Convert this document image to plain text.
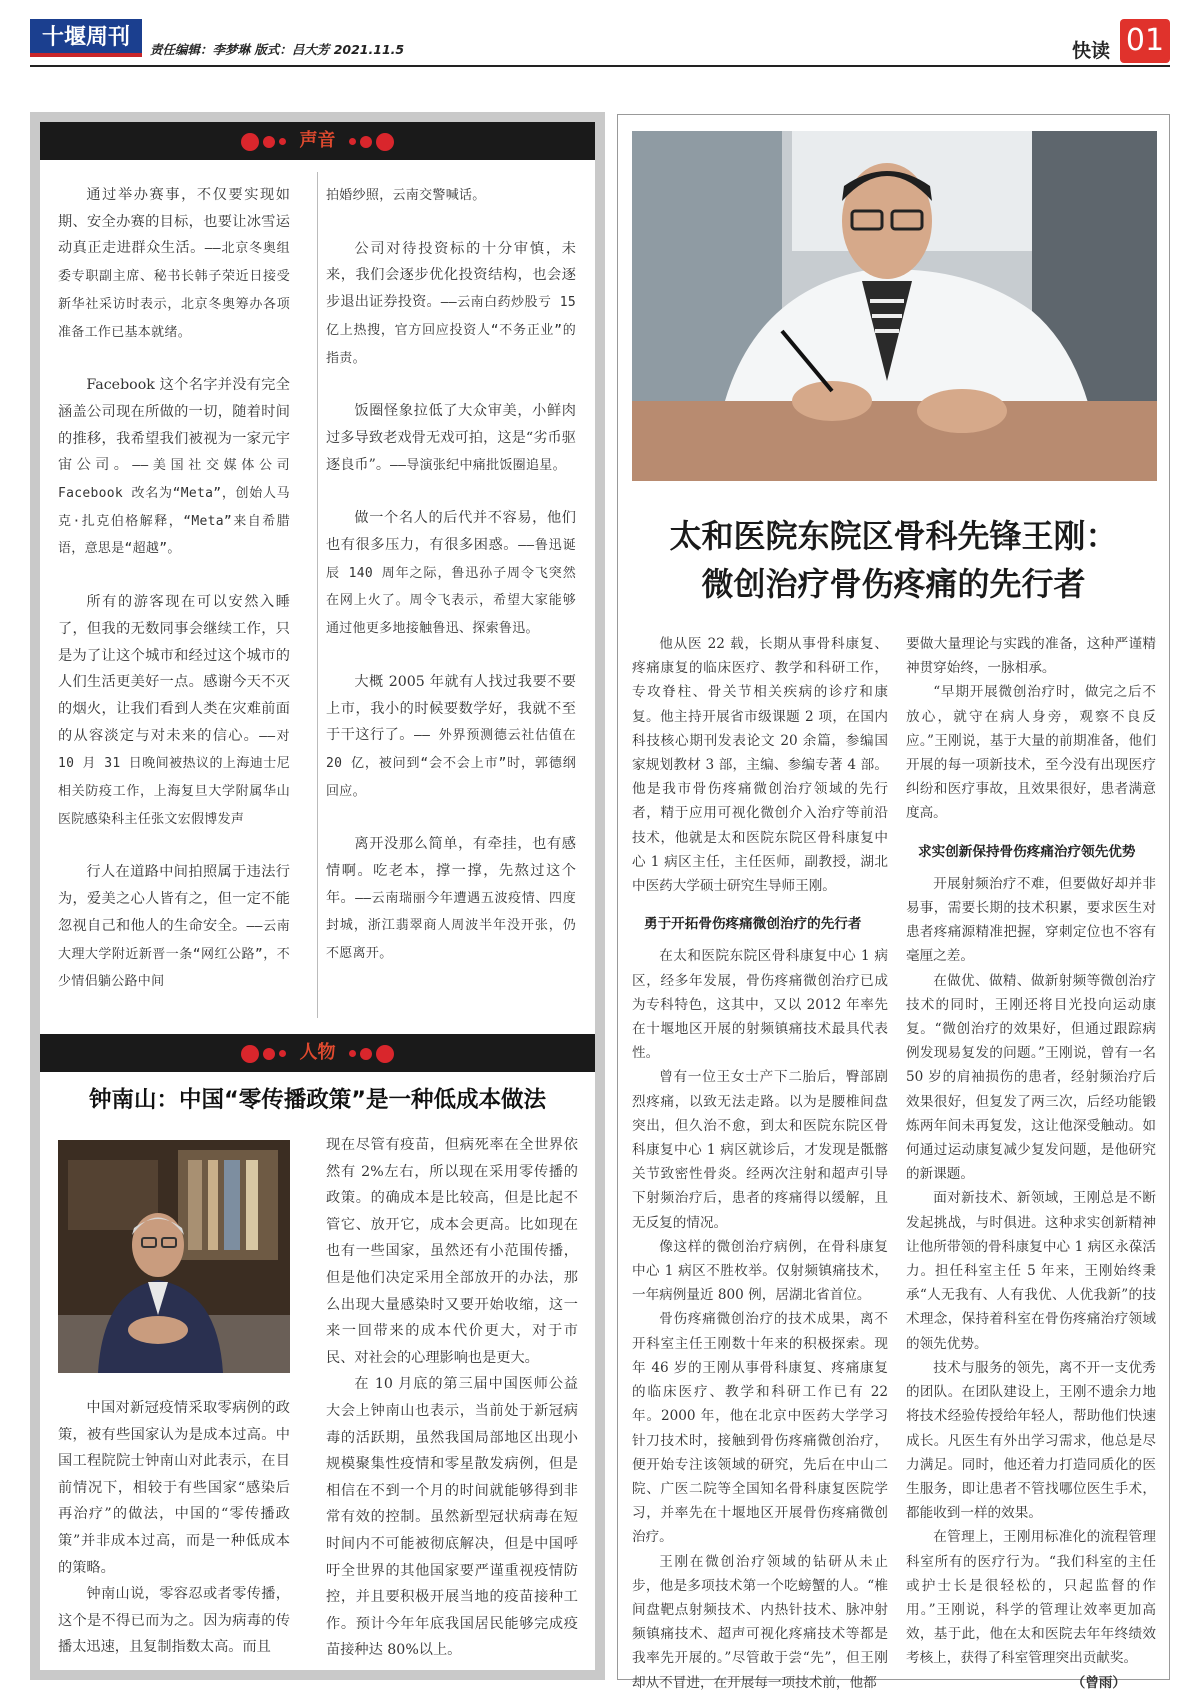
十堰周刊	责任编辑：李梦琳 版式：吕大芳 2021.11.5	快读 01
声音

通过举办赛事，不仅要实现如期、安全办赛的目标，也要让冰雪运动真正走进群众生活。——北京冬奥组委专职副主席、秘书长韩子荣近日接受新华社采访时表示，北京冬奥筹办各项准备工作已基本就绪。

Facebook 这个名字并没有完全涵盖公司现在所做的一切，随着时间的推移，我希望我们被视为一家元宇宙公司。——美国社交媒体公司 Facebook 改名为“Meta”，创始人马克·扎克伯格解释，“Meta”来自希腊语，意思是“超越”。

所有的游客现在可以安然入睡了，但我的无数同事会继续工作，只是为了让这个城市和经过这个城市的人们生活更美好一点。感谢今天不灭的烟火，让我们看到人类在灾难前面的从容淡定与对未来的信心。——对 10 月 31 日晚间被热议的上海迪士尼相关防疫工作，上海复旦大学附属华山医院感染科主任张文宏假博发声

行人在道路中间拍照属于违法行为，爱美之心人皆有之，但一定不能忽视自己和他人的生命安全。——云南大理大学附近新晋一条“网红公路”，不少情侣躺公路中间

拍婚纱照，云南交警喊话。

公司对待投资标的十分审慎，未来，我们会逐步优化投资结构，也会逐步退出证券投资。——云南白药炒股亏 15 亿上热搜，官方回应投资人“不务正业”的指责。

饭圈怪象拉低了大众审美，小鲜肉过多导致老戏骨无戏可拍，这是“劣币驱逐良币”。——导演张纪中痛批饭圈追星。

做一个名人的后代并不容易，他们也有很多压力，有很多困惑。——鲁迅诞辰 140 周年之际，鲁迅孙子周令飞突然在网上火了。周令飞表示，希望大家能够通过他更多地接触鲁迅、探索鲁迅。

大概 2005 年就有人找过我要不要上市，我小的时候要数学好，我就不至于干这行了。—— 外界预测德云社估值在 20 亿，被问到“会不会上市”时，郭德纲回应。

离开没那么简单，有牵挂，也有感情啊。吃老本，撑一撑，先熬过这个年。——云南瑞丽今年遭遇五波疫情、四度封城，浙江翡翠商人周波半年没开张，仍不愿离开。

人物
钟南山：中国“零传播政策”是一种低成本做法

中国对新冠疫情采取零病例的政策，被有些国家认为是成本过高。中国工程院院士钟南山对此表示，在目前情况下，相较于有些国家“感染后再治疗”的做法，中国的“零传播政策”并非成本过高，而是一种低成本的策略。

钟南山说，零容忍或者零传播，这个是不得已而为之。因为病毒的传播太迅速，且复制指数太高。而且

现在尽管有疫苗，但病死率在全世界依然有 2%左右，所以现在采用零传播的政策。的确成本是比较高，但是比起不管它、放开它，成本会更高。比如现在也有一些国家，虽然还有小范围传播，但是他们决定采用全部放开的办法，那么出现大量感染时又要开始收缩，这一来一回带来的成本代价更大，对于市民、对社会的心理影响也是更大。

在 10 月底的第三届中国医师公益大会上钟南山也表示，当前处于新冠病毒的活跃期，虽然我国局部地区出现小规模聚集性疫情和零星散发病例，但是相信在不到一个月的时间就能够得到非常有效的控制。虽然新型冠状病毒在短时间内不可能被彻底解决，但是中国呼吁全世界的其他国家要严谨重视疫情防控，并且要积极开展当地的疫苗接种工作。预计今年年底我国居民能够完成疫苗接种达 80%以上。

太和医院东院区骨科先锋王刚：
微创治疗骨伤疼痛的先行者

他从医 22 载，长期从事骨科康复、疼痛康复的临床医疗、教学和科研工作，专攻脊柱、骨关节相关疾病的诊疗和康复。他主持开展省市级课题 2 项，在国内科技核心期刊发表论文 20 余篇，参编国家规划教材 3 部，主编、参编专著 4 部。他是我市骨伤疼痛微创治疗领域的先行者，精于应用可视化微创介入治疗等前沿技术，他就是太和医院东院区骨科康复中心 1 病区主任，主任医师，副教授，湖北中医药大学硕士研究生导师王刚。

勇于开拓骨伤疼痛微创治疗的先行者

在太和医院东院区骨科康复中心 1 病区，经多年发展，骨伤疼痛微创治疗已成为专科特色，这其中，又以 2012 年率先在十堰地区开展的射频镇痛技术最具代表性。

曾有一位王女士产下二胎后，臀部剧烈疼痛，以致无法走路。以为是腰椎间盘突出，但久治不愈，到太和医院东院区骨科康复中心 1 病区就诊后，才发现是骶髂关节致密性骨炎。经两次注射和超声引导下射频治疗后，患者的疼痛得以缓解，且无反复的情况。

像这样的微创治疗病例，在骨科康复中心 1 病区不胜枚举。仅射频镇痛技术，一年病例量近 800 例，居湖北省首位。

骨伤疼痛微创治疗的技术成果，离不开科室主任王刚数十年来的积极探索。现年 46 岁的王刚从事骨科康复、疼痛康复的临床医疗、教学和科研工作已有 22 年。2000 年，他在北京中医药大学学习针刀技术时，接触到骨伤疼痛微创治疗，便开始专注该领域的研究，先后在中山二院、广医二院等全国知名骨科康复医院学习，并率先在十堰地区开展骨伤疼痛微创治疗。

王刚在微创治疗领域的钻研从未止步，他是多项技术第一个吃螃蟹的人。“椎间盘靶点射频技术、内热针技术、脉冲射频镇痛技术、超声可视化疼痛技术等都是我率先开展的。”尽管敢于尝“先”，但王刚却从不冒进，在开展每一项技术前，他都

要做大量理论与实践的准备，这种严谨精神贯穿始终，一脉相承。

“早期开展微创治疗时，做完之后不放心，就守在病人身旁，观察不良反应。”王刚说，基于大量的前期准备，他们开展的每一项新技术，至今没有出现医疗纠纷和医疗事故，且效果很好，患者满意度高。

求实创新保持骨伤疼痛治疗领先优势

开展射频治疗不难，但要做好却并非易事，需要长期的技术积累，要求医生对患者疼痛源精准把握，穿刺定位也不容有毫厘之差。

在做优、做精、做新射频等微创治疗技术的同时，王刚还将目光投向运动康复。“微创治疗的效果好，但通过跟踪病例发现易复发的问题。”王刚说，曾有一名 50 岁的肩袖损伤的患者，经射频治疗后效果很好，但复发了两三次，后经功能锻炼两年间未再复发，这让他深受触动。如何通过运动康复减少复发问题，是他研究的新课题。

面对新技术、新领域，王刚总是不断发起挑战，与时俱进。这种求实创新精神让他所带领的骨科康复中心 1 病区永葆活力。担任科室主任 5 年来，王刚始终秉承“人无我有、人有我优、人优我新”的技术理念，保持着科室在骨伤疼痛治疗领域的领先优势。

技术与服务的领先，离不开一支优秀的团队。在团队建设上，王刚不遗余力地将技术经验传授给年轻人，帮助他们快速成长。凡医生有外出学习需求，他总是尽力满足。同时，他还着力打造同质化的医生服务，即让患者不管找哪位医生手术，都能收到一样的效果。

在管理上，王刚用标准化的流程管理科室所有的医疗行为。“我们科室的主任或护士长是很轻松的，只起监督的作用。”王刚说，科学的管理让效率更加高效，基于此，他在太和医院去年年终绩效考核上，获得了科室管理突出贡献奖。

（曾雨）
